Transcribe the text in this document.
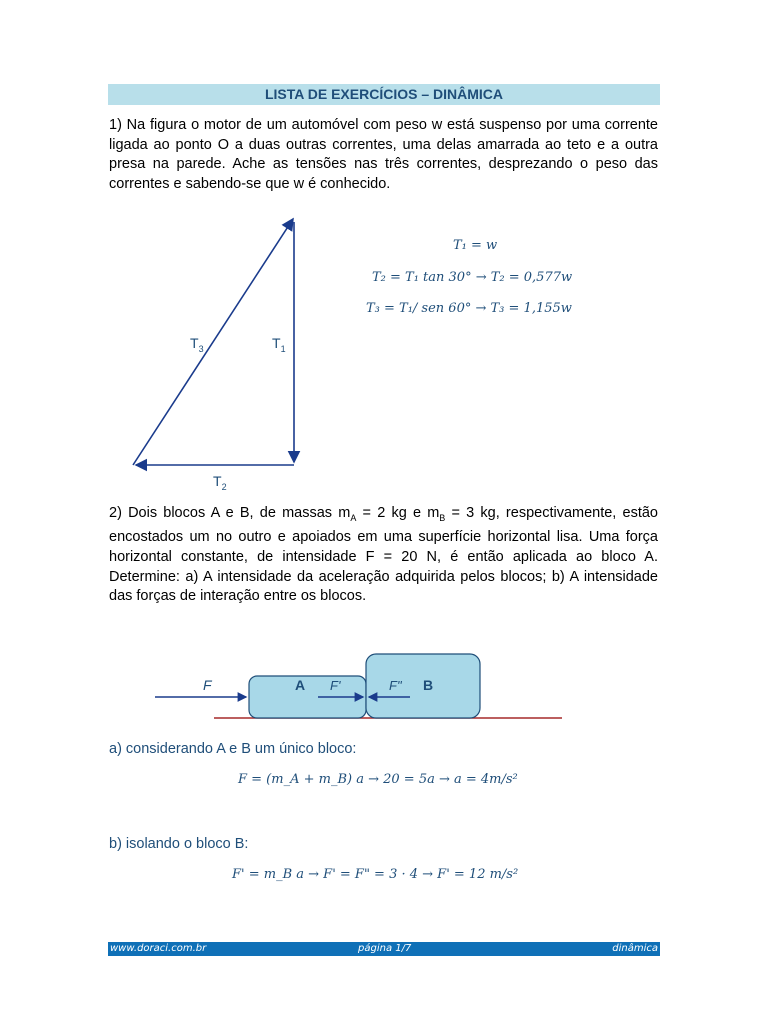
LISTA DE EXERCÍCIOS – DINÂMICA
1) Na figura o motor de um automóvel com peso w está suspenso por uma corrente ligada ao ponto O a duas outras correntes, uma delas amarrada ao teto e a outra presa na parede. Ache as tensões nas três correntes, desprezando o peso das correntes e sabendo-se que w é conhecido.
$T_3$	$T_1$
$T_2$
T₁ = w
T₂ = T₁ tan 30° → T₂ = 0,577w
T₃ = T₁/ sen 60° → T₃ = 1,155w
2) Dois blocos A e B, de massas $m_A = 2$ kg e $m_B = 3$ kg, respectivamente, estão encostados um no outro e apoiados em uma superfície horizontal lisa. Uma força horizontal constante, de intensidade F = 20 N, é então aplicada ao bloco A. Determine: a) A intensidade da aceleração adquirida pelos blocos; b) A intensidade das forças de interação entre os blocos.
F	A F'	F" B
a) considerando A e B um único bloco:
F = (m_A + m_B) a → 20 = 5a → a = 4m/s²
b) isolando o bloco B:
F' = m_B a → F' = F" = 3 · 4 → F' = 12 m/s²
www.doraci.com.br	página 1/7	dinâmica
